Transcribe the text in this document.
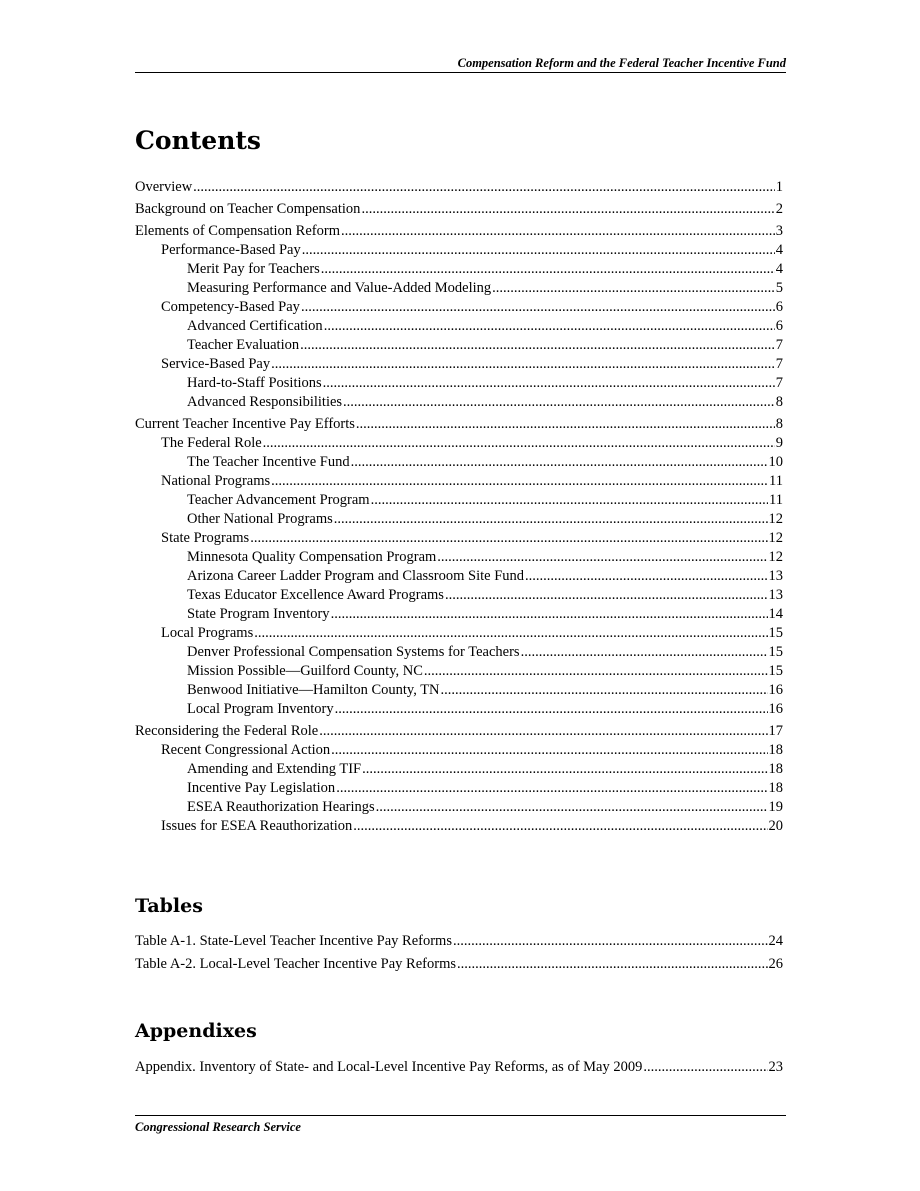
Compensation Reform and the Federal Teacher Incentive Fund
Contents
Overview .....	1
Background on Teacher Compensation .....	2
Elements of Compensation Reform .....	3
Performance-Based Pay .....	4
Merit Pay for Teachers .....	4
Measuring Performance and Value-Added Modeling .....	5
Competency-Based Pay .....	6
Advanced Certification .....	6
Teacher Evaluation .....	7
Service-Based Pay .....	7
Hard-to-Staff Positions .....	7
Advanced Responsibilities .....	8
Current Teacher Incentive Pay Efforts .....	8
The Federal Role .....	9
The Teacher Incentive Fund .....	10
National Programs .....	11
Teacher Advancement Program .....	11
Other National Programs .....	12
State Programs .....	12
Minnesota Quality Compensation Program .....	12
Arizona Career Ladder Program and Classroom Site Fund .....	13
Texas Educator Excellence Award Programs .....	13
State Program Inventory .....	14
Local Programs .....	15
Denver Professional Compensation Systems for Teachers .....	15
Mission Possible—Guilford County, NC .....	15
Benwood Initiative—Hamilton County, TN .....	16
Local Program Inventory .....	16
Reconsidering the Federal Role .....	17
Recent Congressional Action .....	18
Amending and Extending TIF .....	18
Incentive Pay Legislation .....	18
ESEA Reauthorization Hearings .....	19
Issues for ESEA Reauthorization .....	20
Tables
Table A-1. State-Level Teacher Incentive Pay Reforms .....	24
Table A-2. Local-Level Teacher Incentive Pay Reforms .....	26
Appendixes
Appendix. Inventory of State- and Local-Level Incentive Pay Reforms, as of May 2009 .....	23
Congressional Research Service
